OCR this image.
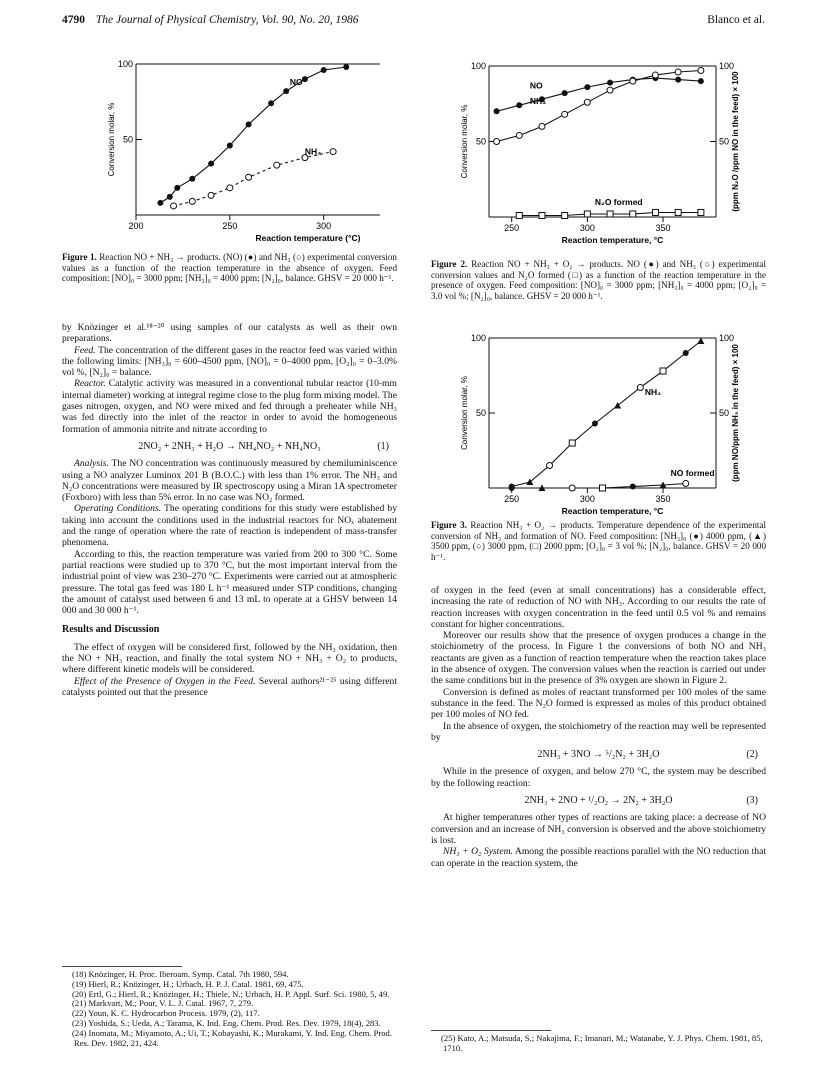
4790 The Journal of Physical Chemistry, Vol. 90, No. 20, 1986	Blanco et al.
200	250	300
50
100
Reaction temperature (°C)
Conversion molar, %
NO
NH₃
Figure 1. Reaction NO + NH₃ → products. (NO) (●) and NH₃ (○) experimental conversion values as a function of the reaction temperature in the absence of oxygen. Feed composition: [NO]₀ = 3000 ppm; [NH₃]₀ = 4000 ppm; [N₂]₀, balance. GHSV = 20 000 h⁻¹.
250	300	350
50
100
50
100
Reaction temperature, °C
Conversion molar, %	(ppm N₂O /ppm NO in the feed) × 100
NO
NH₃
N₂O formed
Figure 2. Reaction NO + NH₃ + O₂ → products. NO (●) and NH₃ (○) experimental conversion values and N₂O formed (□) as a function of the reaction temperature in the presence of oxygen. Feed composition: [NO]₀ = 3000 ppm; [NH₃]₀ = 4000 ppm; [O₂]₀ = 3.0 vol %; [N₂]₀, balance. GHSV = 20 000 h⁻¹.
250	300	350
50
100
50
100
Reaction temperature, °C
Conversion molar, %	(ppm NO/ppm NH₃ in the feed) × 100
NH₃
NO formed
Figure 3. Reaction NH₃ + O₂ → products. Temperature dependence of the experimental conversion of NH₃ and formation of NO. Feed composition: [NH₃]₀ (●) 4000 ppm, (▲) 3500 ppm, (○) 3000 ppm, (□) 2000 ppm; [O₂]₀ = 3 vol %; [N₂]₀, balance. GHSV = 20 000 h⁻¹.

by Knözinger et al.¹⁸⁻²⁰ using samples of our catalysts as well as their own preparations.

Feed. The concentration of the different gases in the reactor feed was varied within the following limits: [NH₃]₀ = 600–4500 ppm, [NO]₀ = 0–4000 ppm, [O₂]₀ = 0–3.0% vol %, [N₂]₀ = balance.

Reactor. Catalytic activity was measured in a conventional tubular reactor (10-mm internal diameter) working at integral regime close to the plug form mixing model. The gases nitrogen, oxygen, and NO were mixed and fed through a preheater while NH₃ was fed directly into the inlet of the reactor in order to avoid the homogeneous formation of ammonia nitrite and nitrate according to

2NO₂ + 2NH₃ + H₂O → NH₄NO₂ + NH₄NO₃	(1)

Analysis. The NO concentration was continuously measured by chemiluminiscence using a NO analyzer Luminox 201 B (B.O.C.) with less than 1% error. The NH₃ and N₂O concentrations were measured by IR spectroscopy using a Miran 1A spectrometer (Foxboro) with less than 5% error. In no case was NO₂ formed.

Operating Conditions. The operating conditions for this study were established by taking into account the conditions used in the industrial reactors for NOₓ abatement and the range of operation where the rate of reaction is independent of mass-transfer phenomena.

According to this, the reaction temperature was varied from 200 to 300 °C. Some partial reactions were studied up to 370 °C, but the most important interval from the industrial point of view was 230–270 °C. Experiments were carried out at atmospheric pressure. The total gas feed was 180 L h⁻¹ measured under STP conditions, changing the amount of catalyst used between 6 and 13 mL to operate at a GHSV between 14 000 and 30 000 h⁻¹.

Results and Discussion

The effect of oxygen will be considered first, followed by the NH₃ oxidation, then the NO + NH₃ reaction, and finally the total system NO + NH₃ + O₂ to products, where different kinetic models will be considered.

Effect of the Presence of Oxygen in the Feed. Several authors²¹⁻²⁵ using different catalysts pointed out that the presence

(18) Knözinger, H. Proc. Iberoam. Symp. Catal. 7th 1980, 594.
(19) Hierl, R.; Knözinger, H.; Urbach, H. P. J. Catal. 1981, 69, 475.
(20) Ertl, G.; Hierl, R.; Knözinger, H.; Thiele, N.; Urbach, H. P. Appl. Surf. Sci. 1980, 5, 49.
(21) Markvart, M.; Pour, V. L. J. Catal. 1967, 7, 279.
(22) Youn, K. C. Hydrocarbon Process. 1979, (2), 117.
(23) Yoshida, S.; Ueda, A.; Tarama, K. Ind. Eng. Chem. Prod. Res. Dev. 1979, 18(4), 283.
(24) Inomata, M.; Miyamoto, A.; Ui, T.; Kobayashi, K.; Murakami, Y. Ind. Eng. Chem. Prod. Res. Dev. 1982, 21, 424.

of oxygen in the feed (even at small concentrations) has a considerable effect, increasing the rate of reduction of NO with NH₃. According to our results the rate of reaction increases with oxygen concentration in the feed until 0.5 vol % and remains constant for higher concentrations.

Moreover our results show that the presence of oxygen produces a change in the stoichiometry of the process. In Figure 1 the conversions of both NO and NH₃ reactants are given as a function of reaction temperature when the reaction takes place in the absence of oxygen. The conversion values when the reaction is carried out under the same conditions but in the presence of 3% oxygen are shown in Figure 2.

Conversion is defined as moles of reactant transformed per 100 moles of the same substance in the feed. The N₂O formed is expressed as moles of this product obtained per 100 moles of NO fed.

In the absence of oxygen, the stoichiometry of the reaction may well be represented by

2NH₃ + 3NO → ⁵/₂N₂ + 3H₂O	(2)

While in the presence of oxygen, and below 270 °C, the system may be described by the following reaction:

2NH₃ + 2NO + ¹/₂O₂ → 2N₂ + 3H₂O	(3)

At higher temperatures other types of reactions are taking place: a decrease of NO conversion and an increase of NH₃ conversion is observed and the above stoichiometry is lost.

NH₃ + O₂ System. Among the possible reactions parallel with the NO reduction that can operate in the reaction system, the

(25) Kato, A.; Matsuda, S.; Nakajima, F.; Imanari, M.; Watanabe, Y. J. Phys. Chem. 1981, 85, 1710.
